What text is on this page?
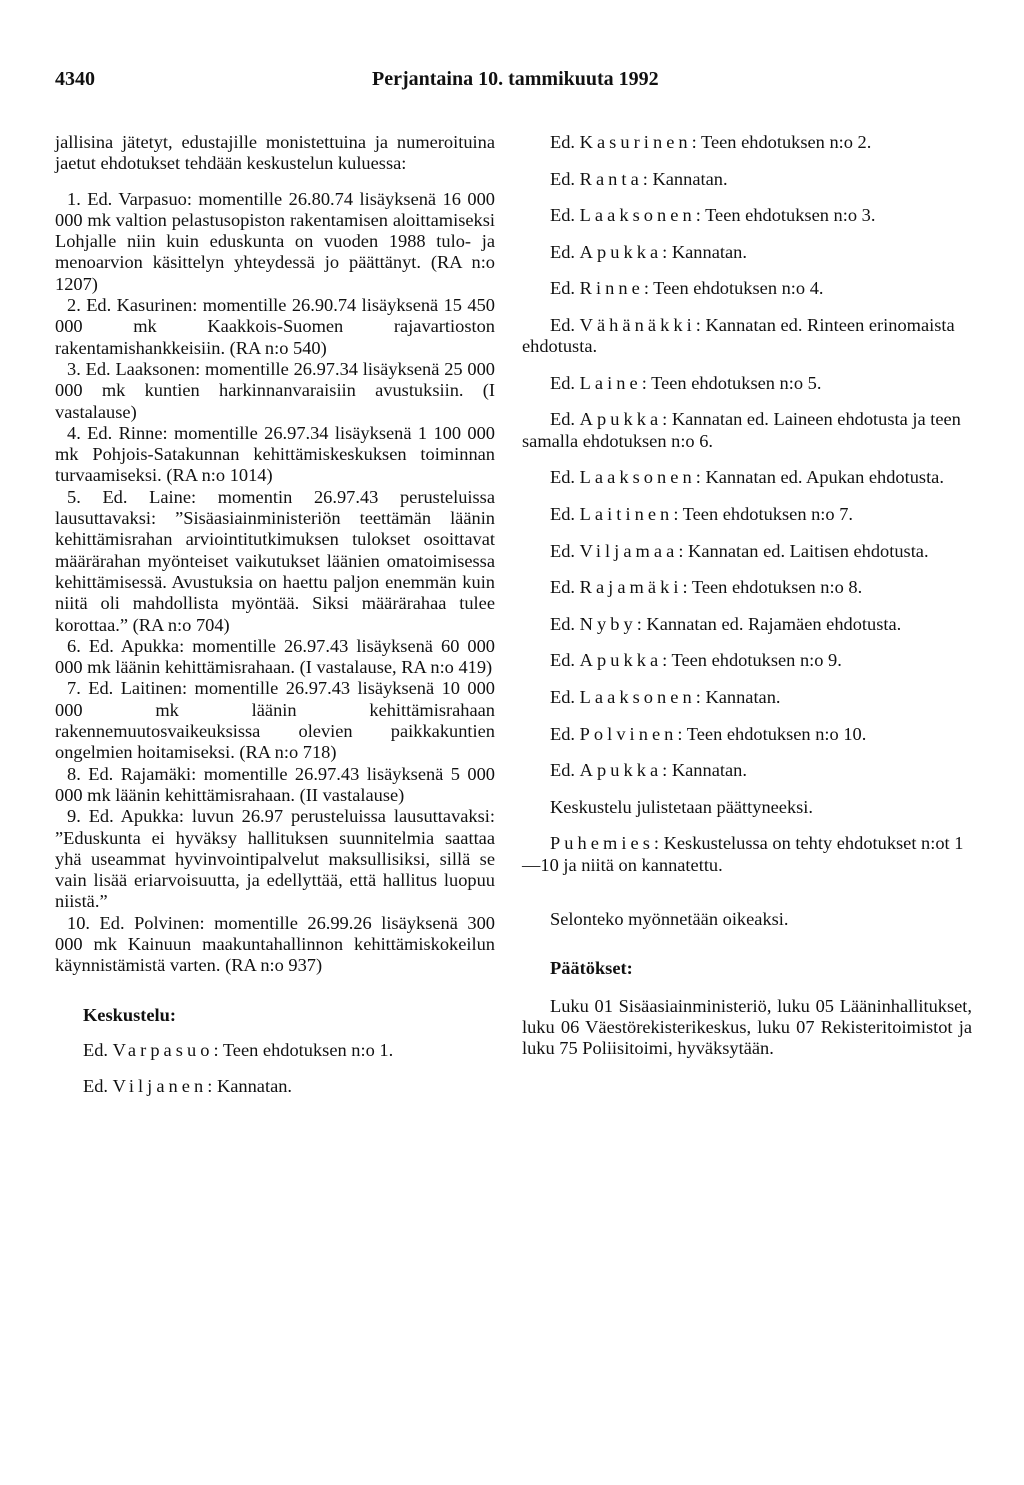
4340	Perjantaina 10. tammikuuta 1992

jallisina jätetyt, edustajille monistettuina ja numeroituina jaetut ehdotukset tehdään keskustelun kuluessa:

1. Ed. Varpasuo: momentille 26.80.74 lisäyksenä 16 000 000 mk valtion pelastusopiston rakentamisen aloittamiseksi Lohjalle niin kuin eduskunta on vuoden 1988 tulo- ja menoarvion käsittelyn yhteydessä jo päättänyt. (RA n:o 1207)

2. Ed. Kasurinen: momentille 26.90.74 lisäyksenä 15 450 000 mk Kaakkois-Suomen rajavartioston rakentamishankkeisiin. (RA n:o 540)

3. Ed. Laaksonen: momentille 26.97.34 lisäyksenä 25 000 000 mk kuntien harkinnanvaraisiin avustuksiin. (I vastalause)

4. Ed. Rinne: momentille 26.97.34 lisäyksenä 1 100 000 mk Pohjois-Satakunnan kehittämiskeskuksen toiminnan turvaamiseksi. (RA n:o 1014)

5. Ed. Laine: momentin 26.97.43 perusteluissa lausuttavaksi: ”Sisäasiainministeriön teettämän läänin kehittämisrahan arviointitutkimuksen tulokset osoittavat määrärahan myönteiset vaikutukset läänien omatoimisessa kehittämisessä. Avustuksia on haettu paljon enemmän kuin niitä oli mahdollista myöntää. Siksi määrärahaa tulee korottaa.” (RA n:o 704)

6. Ed. Apukka: momentille 26.97.43 lisäyksenä 60 000 000 mk läänin kehittämisrahaan. (I vastalause, RA n:o 419)

7. Ed. Laitinen: momentille 26.97.43 lisäyksenä 10 000 000 mk läänin kehittämisrahaan rakennemuutosvaikeuksissa olevien paikkakuntien ongelmien hoitamiseksi. (RA n:o 718)

8. Ed. Rajamäki: momentille 26.97.43 lisäyksenä 5 000 000 mk läänin kehittämisrahaan. (II vastalause)

9. Ed. Apukka: luvun 26.97 perusteluissa lausuttavaksi: ”Eduskunta ei hyväksy hallituksen suunnitelmia saattaa yhä useammat hyvinvointipalvelut maksullisiksi, sillä se vain lisää eriarvoisuutta, ja edellyttää, että hallitus luopuu niistä.”

10. Ed. Polvinen: momentille 26.99.26 lisäyksenä 300 000 mk Kainuun maakuntahallinnon kehittämiskokeilun käynnistämistä varten. (RA n:o 937)

Keskustelu:

Ed. Varpasuo: Teen ehdotuksen n:o 1.

Ed. Viljanen: Kannatan.

Ed. Kasurinen: Teen ehdotuksen n:o 2.

Ed. Ranta: Kannatan.

Ed. Laaksonen: Teen ehdotuksen n:o 3.

Ed. Apukka: Kannatan.

Ed. Rinne: Teen ehdotuksen n:o 4.

Ed. Vähänäkki: Kannatan ed. Rinteen erinomaista ehdotusta.

Ed. Laine: Teen ehdotuksen n:o 5.

Ed. Apukka: Kannatan ed. Laineen ehdotusta ja teen samalla ehdotuksen n:o 6.

Ed. Laaksonen: Kannatan ed. Apukan ehdotusta.

Ed. Laitinen: Teen ehdotuksen n:o 7.

Ed. Viljamaa: Kannatan ed. Laitisen ehdotusta.

Ed. Rajamäki: Teen ehdotuksen n:o 8.

Ed. Nyby: Kannatan ed. Rajamäen ehdotusta.

Ed. Apukka: Teen ehdotuksen n:o 9.

Ed. Laaksonen: Kannatan.

Ed. Polvinen: Teen ehdotuksen n:o 10.

Ed. Apukka: Kannatan.

Keskustelu julistetaan päättyneeksi.

Puhemies: Keskustelussa on tehty ehdotukset n:ot 1—10 ja niitä on kannatettu.

Selonteko myönnetään oikeaksi.

Päätökset:

Luku 01 Sisäasiainministeriö, luku 05 Lääninhallitukset, luku 06 Väestörekisterikeskus, luku 07 Rekisteritoimistot ja luku 75 Poliisitoimi, hyväksytään.
